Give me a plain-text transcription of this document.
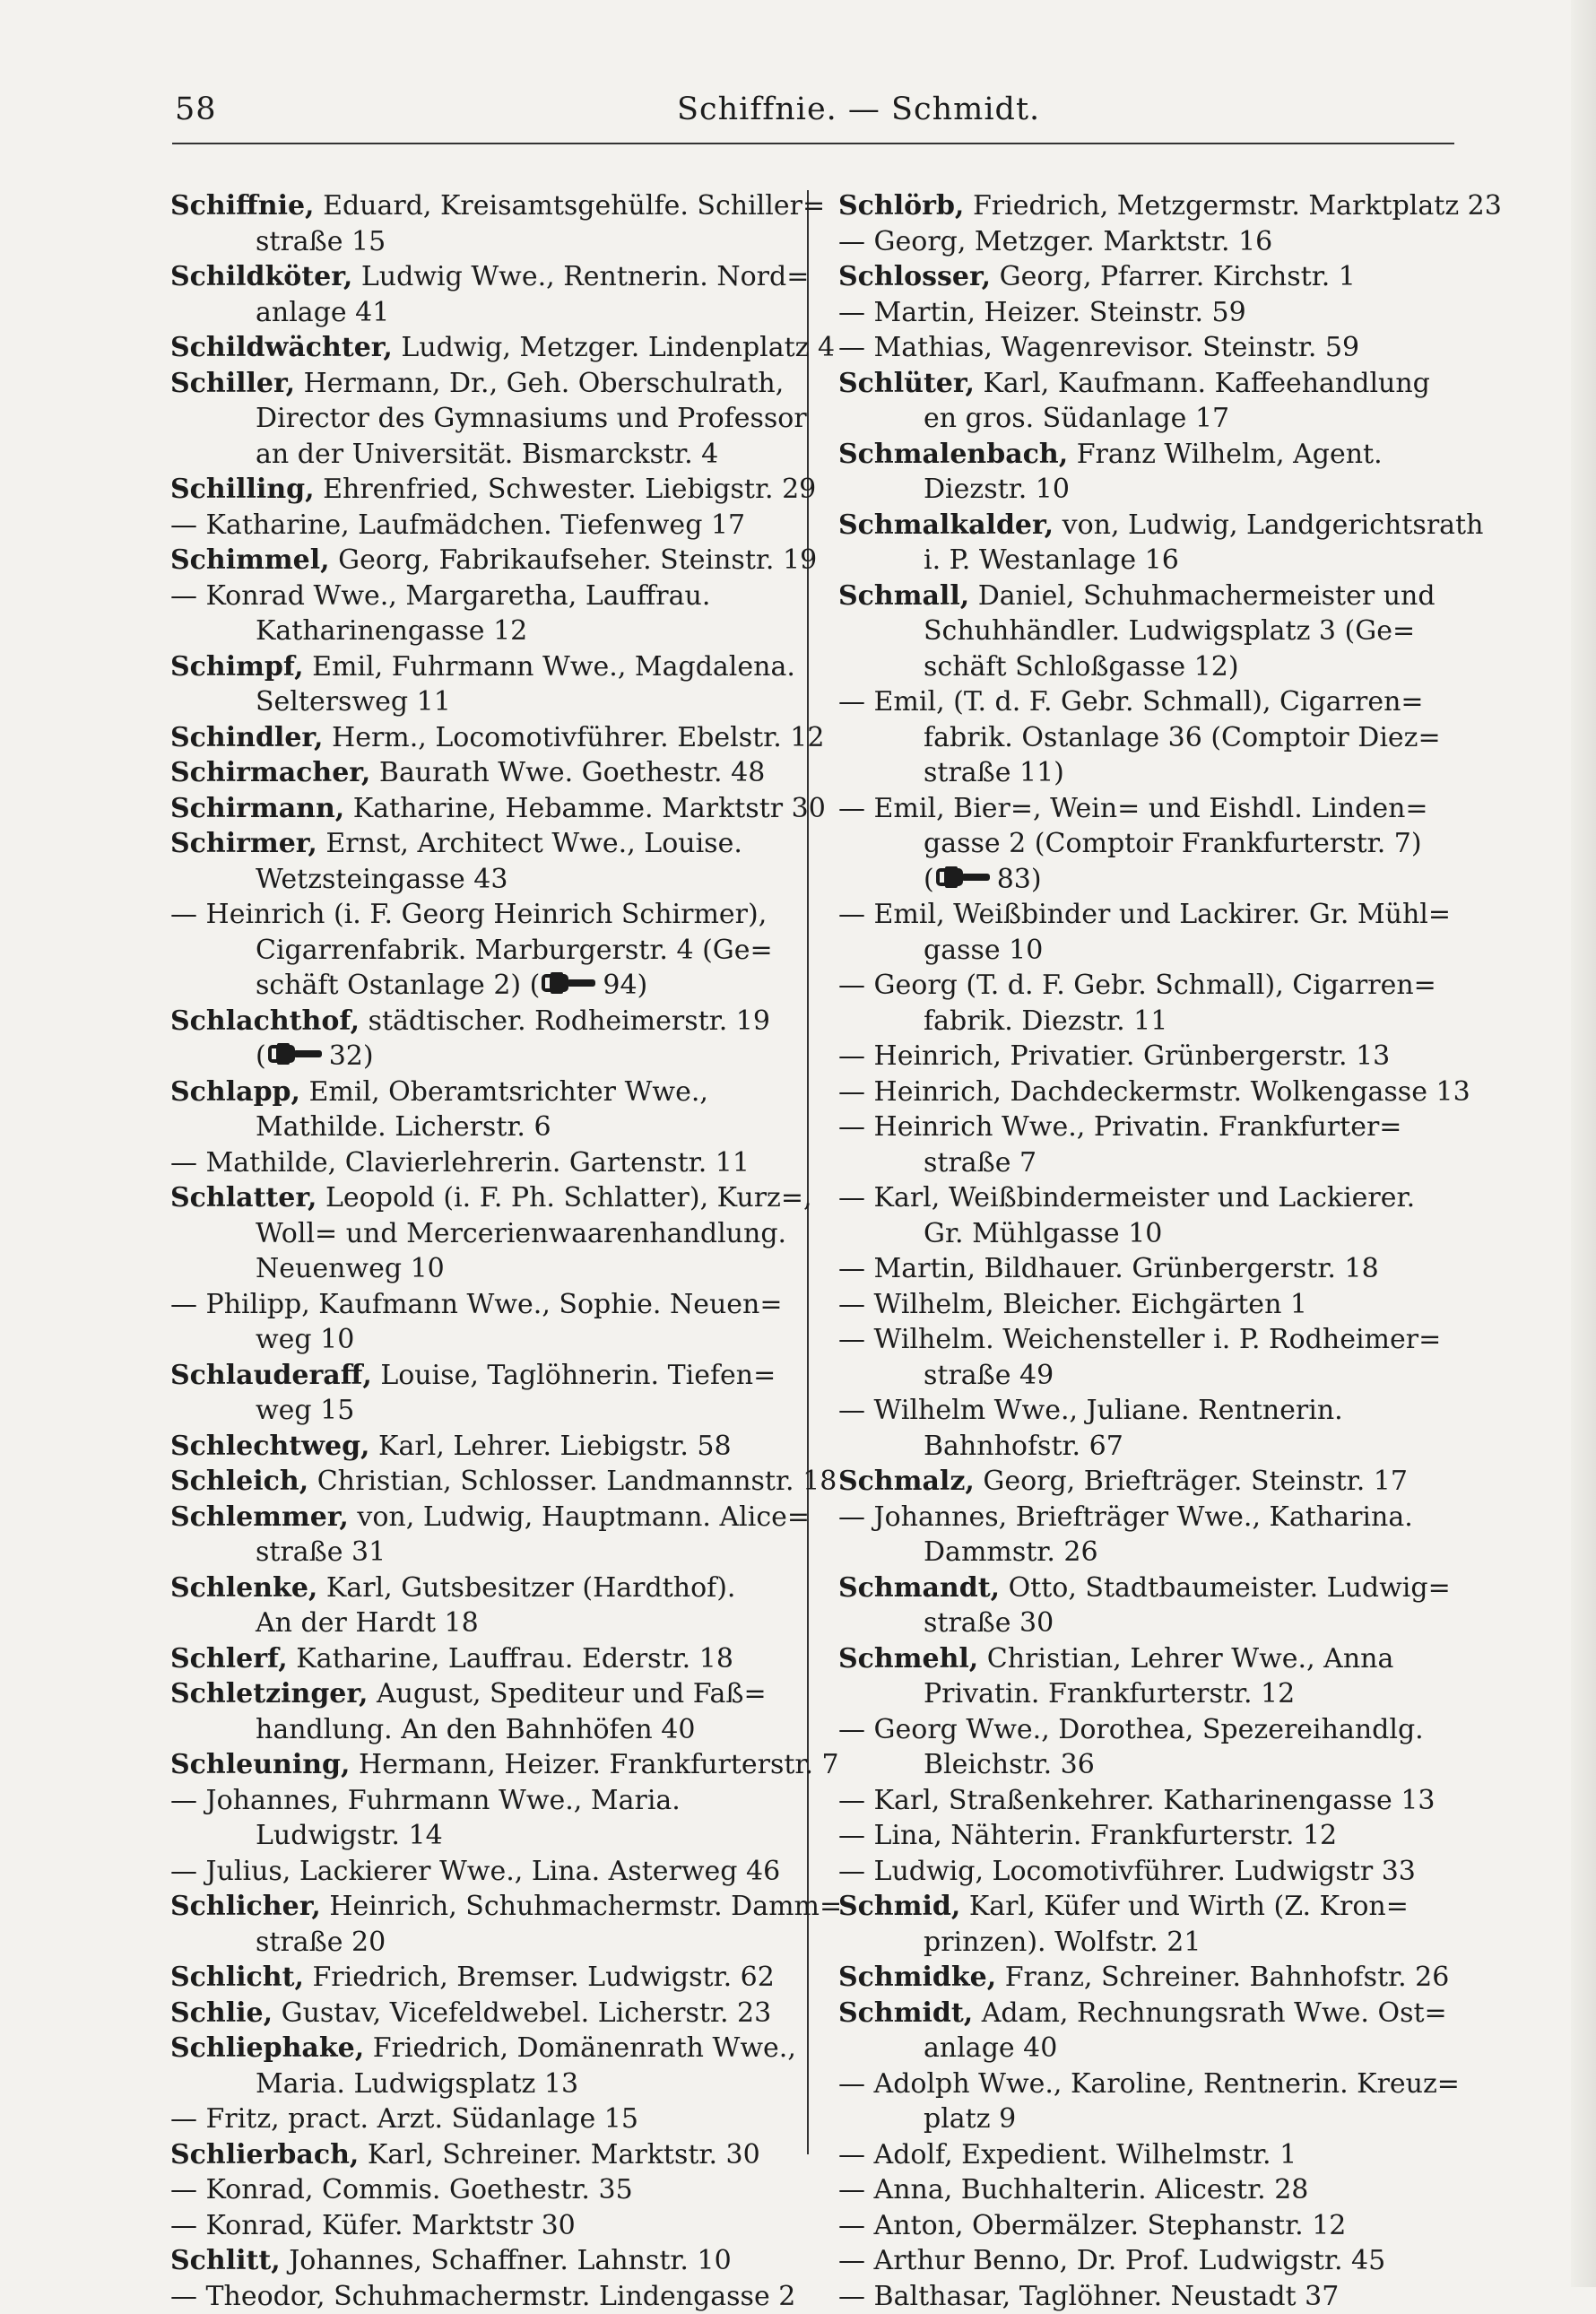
58	Schiffnie. — Schmidt.
Schiffnie, Eduard, Kreisamtsgehülfe. Schiller=
straße 15
Schildköter, Ludwig Wwe., Rentnerin. Nord=
anlage 41
Schildwächter, Ludwig, Metzger. Lindenplatz 4
Schiller, Hermann, Dr., Geh. Oberschulrath,
Director des Gymnasiums und Professor
an der Universität. Bismarckstr. 4
Schilling, Ehrenfried, Schwester. Liebigstr. 29
— Katharine, Laufmädchen. Tiefenweg 17
Schimmel, Georg, Fabrikaufseher. Steinstr. 19
— Konrad Wwe., Margaretha, Lauffrau.
Katharinengasse 12
Schimpf, Emil, Fuhrmann Wwe., Magdalena.
Seltersweg 11
Schindler, Herm., Locomotivführer. Ebelstr. 12
Schirmacher, Baurath Wwe. Goethestr. 48
Schirmann, Katharine, Hebamme. Marktstr 30
Schirmer, Ernst, Architect Wwe., Louise.
Wetzsteingasse 43
— Heinrich (i. F. Georg Heinrich Schirmer),
Cigarrenfabrik. Marburgerstr. 4 (Ge=
schäft Ostanlage 2) ( 94)
Schlachthof, städtischer. Rodheimerstr. 19
( 32)
Schlapp, Emil, Oberamtsrichter Wwe.,
Mathilde. Licherstr. 6
— Mathilde, Clavierlehrerin. Gartenstr. 11
Schlatter, Leopold (i. F. Ph. Schlatter), Kurz=,
Woll= und Mercerienwaarenhandlung.
Neuenweg 10
— Philipp, Kaufmann Wwe., Sophie. Neuen=
weg 10
Schlauderaff, Louise, Taglöhnerin. Tiefen=
weg 15
Schlechtweg, Karl, Lehrer. Liebigstr. 58
Schleich, Christian, Schlosser. Landmannstr. 18
Schlemmer, von, Ludwig, Hauptmann. Alice=
straße 31
Schlenke, Karl, Gutsbesitzer (Hardthof).
An der Hardt 18
Schlerf, Katharine, Lauffrau. Ederstr. 18
Schletzinger, August, Spediteur und Faß=
handlung. An den Bahnhöfen 40
Schleuning, Hermann, Heizer. Frankfurterstr. 7
— Johannes, Fuhrmann Wwe., Maria.
Ludwigstr. 14
— Julius, Lackierer Wwe., Lina. Asterweg 46
Schlicher, Heinrich, Schuhmachermstr. Damm=
straße 20
Schlicht, Friedrich, Bremser. Ludwigstr. 62
Schlie, Gustav, Vicefeldwebel. Licherstr. 23
Schliephake, Friedrich, Domänenrath Wwe.,
Maria. Ludwigsplatz 13
— Fritz, pract. Arzt. Südanlage 15
Schlierbach, Karl, Schreiner. Marktstr. 30
— Konrad, Commis. Goethestr. 35
— Konrad, Küfer. Marktstr 30
Schlitt, Johannes, Schaffner. Lahnstr. 10
— Theodor, Schuhmachermstr. Lindengasse 2
Schlörb, Friedrich, Metzgermstr. Marktplatz 23
— Georg, Metzger. Marktstr. 16
Schlosser, Georg, Pfarrer. Kirchstr. 1
— Martin, Heizer. Steinstr. 59
— Mathias, Wagenrevisor. Steinstr. 59
Schlüter, Karl, Kaufmann. Kaffeehandlung
en gros. Südanlage 17
Schmalenbach, Franz Wilhelm, Agent.
Diezstr. 10
Schmalkalder, von, Ludwig, Landgerichtsrath
i. P. Westanlage 16
Schmall, Daniel, Schuhmachermeister und
Schuhhändler. Ludwigsplatz 3 (Ge=
schäft Schloßgasse 12)
— Emil, (T. d. F. Gebr. Schmall), Cigarren=
fabrik. Ostanlage 36 (Comptoir Diez=
straße 11)
— Emil, Bier=, Wein= und Eishdl. Linden=
gasse 2 (Comptoir Frankfurterstr. 7)
( 83)
— Emil, Weißbinder und Lackirer. Gr. Mühl=
gasse 10
— Georg (T. d. F. Gebr. Schmall), Cigarren=
fabrik. Diezstr. 11
— Heinrich, Privatier. Grünbergerstr. 13
— Heinrich, Dachdeckermstr. Wolkengasse 13
— Heinrich Wwe., Privatin. Frankfurter=
straße 7
— Karl, Weißbindermeister und Lackierer.
Gr. Mühlgasse 10
— Martin, Bildhauer. Grünbergerstr. 18
— Wilhelm, Bleicher. Eichgärten 1
— Wilhelm. Weichensteller i. P. Rodheimer=
straße 49
— Wilhelm Wwe., Juliane. Rentnerin.
Bahnhofstr. 67
Schmalz, Georg, Briefträger. Steinstr. 17
— Johannes, Briefträger Wwe., Katharina.
Dammstr. 26
Schmandt, Otto, Stadtbaumeister. Ludwig=
straße 30
Schmehl, Christian, Lehrer Wwe., Anna
Privatin. Frankfurterstr. 12
— Georg Wwe., Dorothea, Spezereihandlg.
Bleichstr. 36
— Karl, Straßenkehrer. Katharinengasse 13
— Lina, Nähterin. Frankfurterstr. 12
— Ludwig, Locomotivführer. Ludwigstr 33
Schmid, Karl, Küfer und Wirth (Z. Kron=
prinzen). Wolfstr. 21
Schmidke, Franz, Schreiner. Bahnhofstr. 26
Schmidt, Adam, Rechnungsrath Wwe. Ost=
anlage 40
— Adolph Wwe., Karoline, Rentnerin. Kreuz=
platz 9
— Adolf, Expedient. Wilhelmstr. 1
— Anna, Buchhalterin. Alicestr. 28
— Anton, Obermälzer. Stephanstr. 12
— Arthur Benno, Dr. Prof. Ludwigstr. 45
— Balthasar, Taglöhner. Neustadt 37
